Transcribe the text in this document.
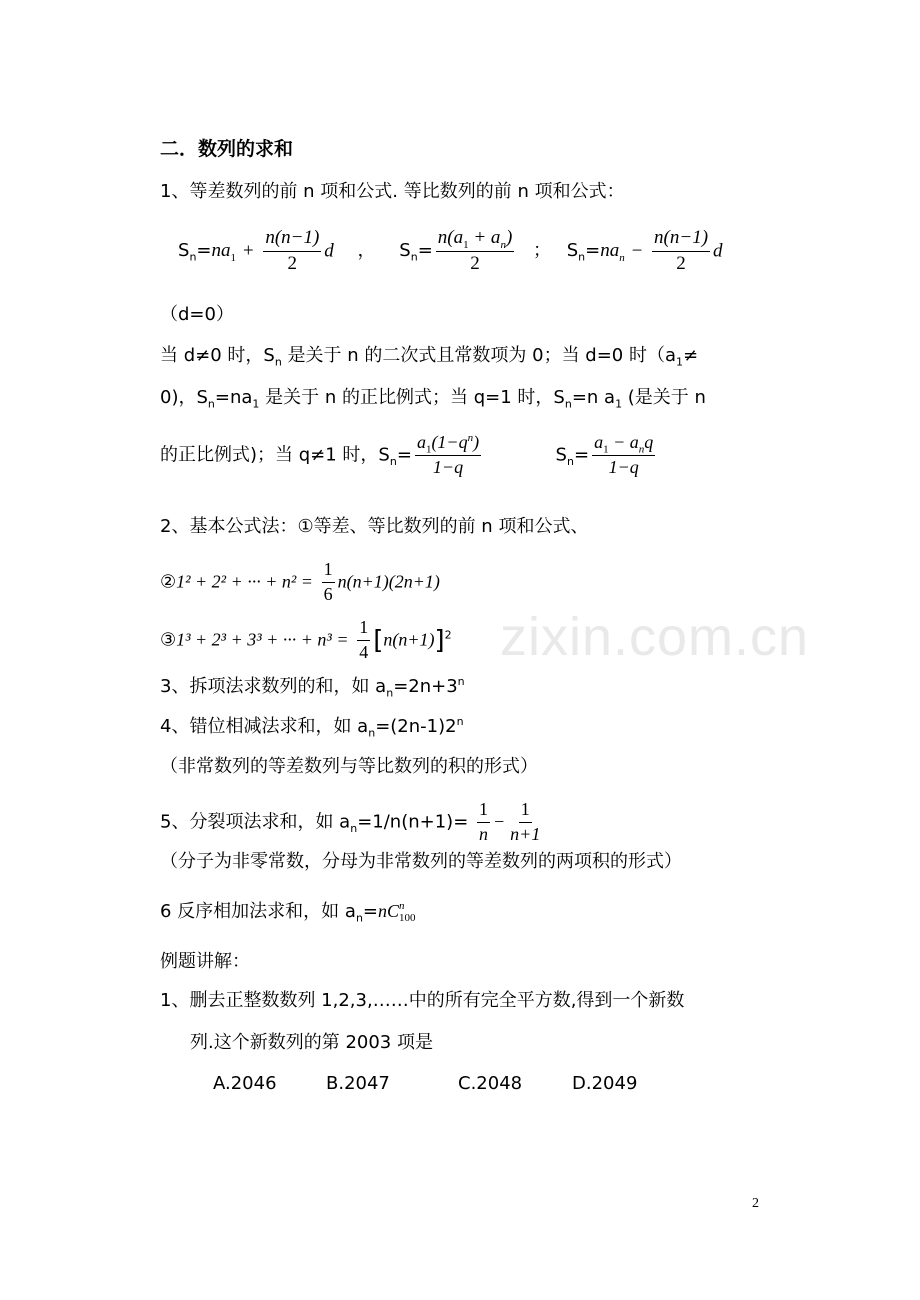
zixin.com.cn
二．数列的求和
1、等差数列的前 n 项和公式. 等比数列的前 n 项和公式：
$S_n=na_1 + \frac{n(n-1)}{2}$ d ， $S_n= \frac{n(a_1 + a_n)}{2}$ ； $S_n=na_n - \frac{n(n-1)}{2}$ d
（d=0）
当 d≠0 时，$S_n$ 是关于 n 的二次式且常数项为 0；当 d=0 时（$a_1\ne$
0)，$S_n=na_1$ 是关于 n 的正比例式；当 q=1 时，$S_n=n$ $a_1$ (是关于 n
的正比例式)；当 q≠1 时，$S_n= \frac{a_1(1-q^n)}{1-q}$	$S_n= \frac{a_1 - a_nq}{1-q}$
2、基本公式法：①等差、等比数列的前 n 项和公式、
②1² + 2² + ··· + $n^2 = \frac{1}{6} n(n+1)(2n+1)$
③1³ + 2³ + 3³ + ··· + $n^3 = \frac{1}{4} [n(n+1)]^2$
3、拆项法求数列的和，如 $a_n=2n+3^n$
4、错位相减法求和，如 $a_n=(2n-1)2^n$
（非常数列的等差数列与等比数列的积的形式）
5、分裂项法求和，如 $a_n=1/n(n+1)= \frac{1}{n} - \frac{1}{n+1}$
（分子为非零常数，分母为非常数列的等差数列的两项积的形式）
6 反序相加法求和，如 $a_n=nC$ n
100
例题讲解：
1、删去正整数数列 1,2,3,……中的所有完全平方数,得到一个新数
列.这个新数列的第 2003 项是
A.2046	B.2047	C.2048	D.2049
2
